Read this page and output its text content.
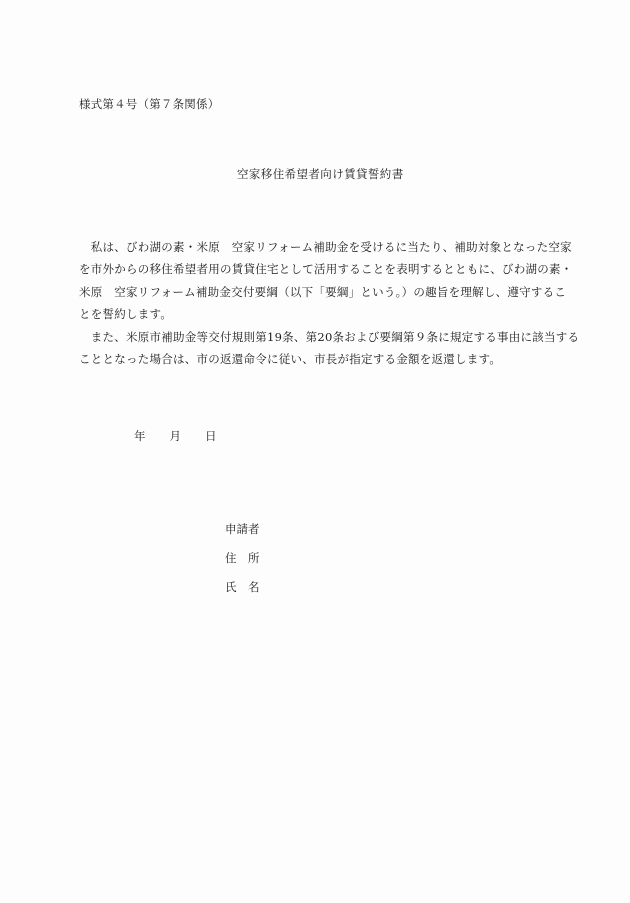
様式第４号（第７条関係）
空家移住希望者向け賃貸誓約書
　私は、びわ湖の素・米原　空家リフォーム補助金を受けるに当たり、補助対象となった空家
を市外からの移住希望者用の賃貸住宅として活用することを表明するとともに、びわ湖の素・
米原　空家リフォーム補助金交付要綱（以下「要綱」という。）の趣旨を理解し、遵守するこ
とを誓約します。
　また、米原市補助金等交付規則第19条、第20条および要綱第９条に規定する事由に該当する
こととなった場合は、市の返還命令に従い、市長が指定する金額を返還します。
年 月 日
申請者
住　所
氏　名
